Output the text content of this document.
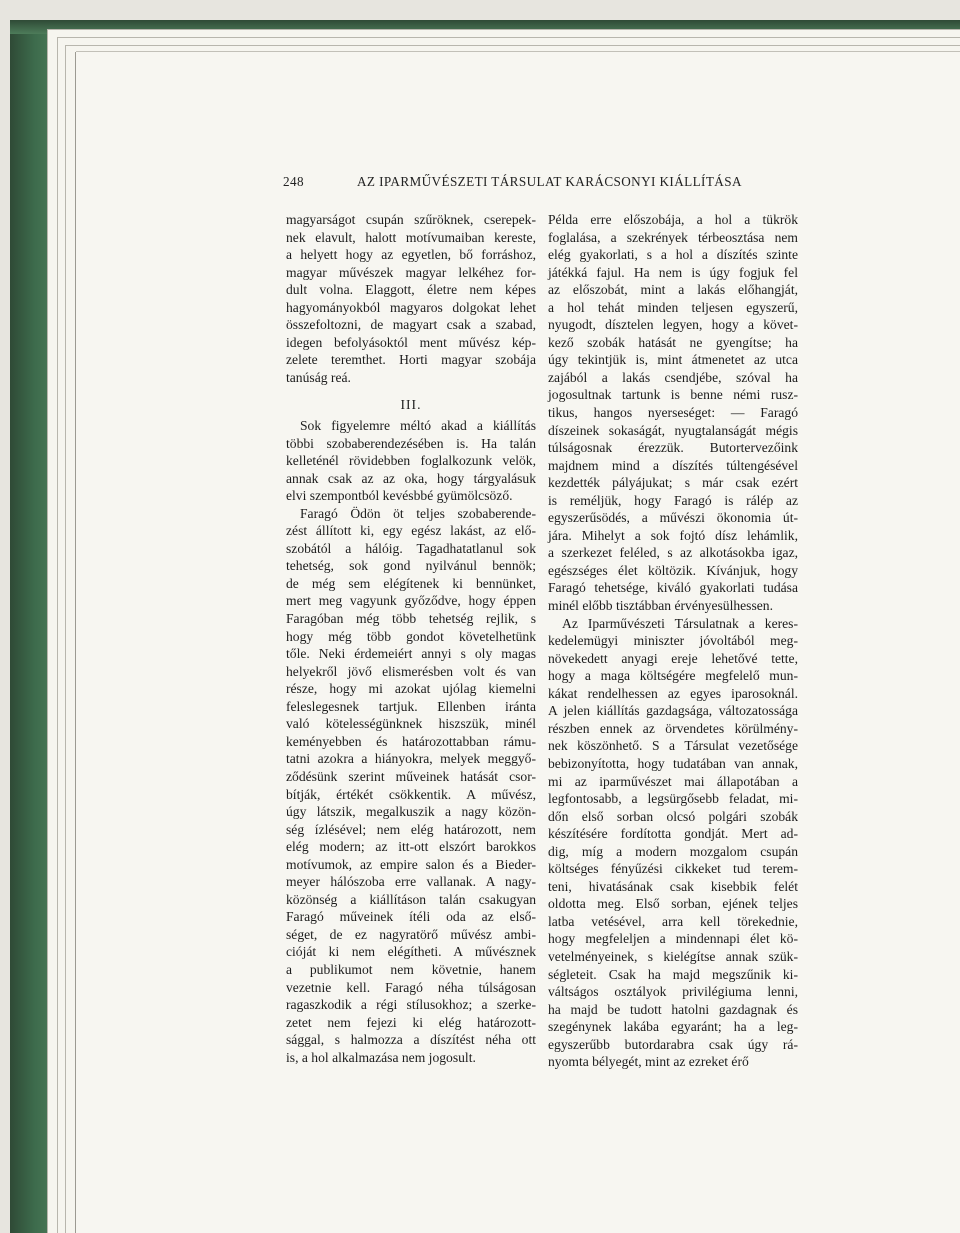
248	AZ IPARMŰVÉSZETI TÁRSULAT KARÁCSONYI KIÁLLÍTÁSA
magyarságot csupán szűröknek, cserepek-
nek elavult, halott motívumaiban kereste,
a helyett hogy az egyetlen, bő forráshoz,
magyar művészek magyar lelkéhez for-
dult volna. Elaggott, életre nem képes
hagyományokból magyaros dolgokat lehet
összefoltozni, de magyart csak a szabad,
idegen befolyásoktól ment művész kép-
zelete teremthet. Horti magyar szobája
tanúság reá.
III.
Sok figyelemre méltó akad a kiállítás
többi szobaberendezésében is. Ha talán
kelleténél rövidebben foglalkozunk velök,
annak csak az az oka, hogy tárgyalásuk
elvi szempontból kevésbbé gyümölcsöző.
Faragó Ödön öt teljes szobaberende-
zést állított ki, egy egész lakást, az elő-
szobától a hálóig. Tagadhatatlanul sok
tehetség, sok gond nyilvánul bennök;
de még sem elégítenek ki bennünket,
mert meg vagyunk győződve, hogy éppen
Faragóban még több tehetség rejlik, s
hogy még több gondot követelhetünk
tőle. Neki érdemeiért annyi s oly magas
helyekről jövő elismerésben volt és van
része, hogy mi azokat ujólag kiemelni
feleslegesnek tartjuk. Ellenben iránta
való kötelességünknek hiszszük, minél
keményebben és határozottabban rámu-
tatni azokra a hiányokra, melyek meggyő-
ződésünk szerint műveinek hatását csor-
bítják, értékét csökkentik. A művész,
úgy látszik, megalkuszik a nagy közön-
ség ízlésével; nem elég határozott, nem
elég modern; az itt-ott elszórt barokkos
motívumok, az empire salon és a Bieder-
meyer hálószoba erre vallanak. A nagy-
közönség a kiállításon talán csakugyan
Faragó műveinek ítéli oda az első-
séget, de ez nagyratörő művész ambi-
cióját ki nem elégítheti. A művésznek
a publikumot nem követnie, hanem
vezetnie kell. Faragó néha túlságosan
ragaszkodik a régi stílusokhoz; a szerke-
zetet nem fejezi ki elég határozott-
sággal, s halmozza a díszítést néha ott
is, a hol alkalmazása nem jogosult.
Példa erre előszobája, a hol a tükrök
foglalása, a szekrények térbeosztása nem
elég gyakorlati, s a hol a díszítés szinte
játékká fajul. Ha nem is úgy fogjuk fel
az előszobát, mint a lakás előhangját,
a hol tehát minden teljesen egyszerű,
nyugodt, dísztelen legyen, hogy a követ-
kező szobák hatását ne gyengítse; ha
úgy tekintjük is, mint átmenetet az utca
zajából a lakás csendjébe, szóval ha
jogosultnak tartunk is benne némi rusz-
tikus, hangos nyerseséget: — Faragó
díszeinek sokaságát, nyugtalanságát mégis
túlságosnak érezzük. Butortervezőink
majdnem mind a díszítés túltengésével
kezdették pályájukat; s már csak ezért
is reméljük, hogy Faragó is rálép az
egyszerűsödés, a művészi ökonomia út-
jára. Mihelyt a sok fojtó dísz lehámlik,
a szerkezet feléled, s az alkotásokba igaz,
egészséges élet költözik. Kívánjuk, hogy
Faragó tehetsége, kiváló gyakorlati tudása
minél előbb tisztábban érvényesülhessen.
Az Iparművészeti Társulatnak a keres-
kedelemügyi miniszter jóvoltából meg-
növekedett anyagi ereje lehetővé tette,
hogy a maga költségére megfelelő mun-
kákat rendelhessen az egyes iparosoknál.
A jelen kiállítás gazdagsága, változatossága
részben ennek az örvendetes körülmény-
nek köszönhető. S a Társulat vezetősége
bebizonyította, hogy tudatában van annak,
mi az iparművészet mai állapotában a
legfontosabb, a legsürgősebb feladat, mi-
dőn első sorban olcsó polgári szobák
készítésére fordította gondját. Mert ad-
dig, míg a modern mozgalom csupán
költséges fényűzési cikkeket tud terem-
teni, hivatásának csak kisebbik felét
oldotta meg. Első sorban, ejének teljes
latba vetésével, arra kell törekednie,
hogy megfeleljen a mindennapi élet kö-
vetelményeinek, s kielégítse annak szük-
ségleteit. Csak ha majd megszűnik ki-
váltságos osztályok privilégiuma lenni,
ha majd be tudott hatolni gazdagnak és
szegénynek lakába egyaránt; ha a leg-
egyszerűbb butordarabra csak úgy rá-
nyomta bélyegét, mint az ezreket érő
